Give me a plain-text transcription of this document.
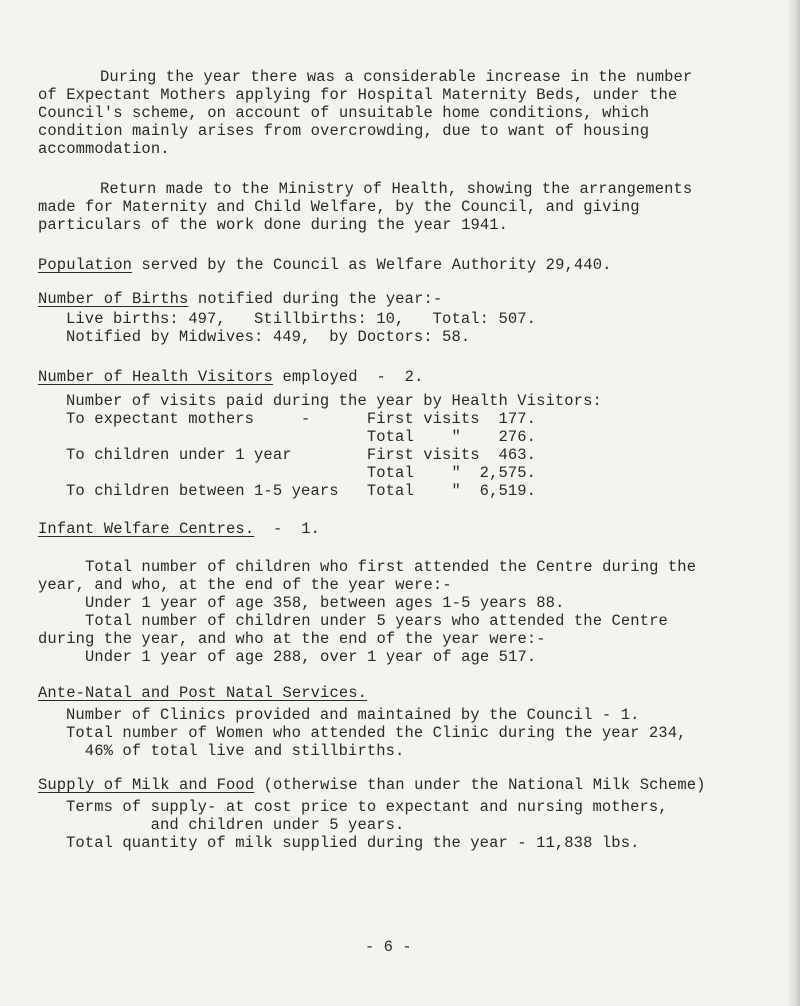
During the year there was a considerable increase in the number
of Expectant Mothers applying for Hospital Maternity Beds, under the
Council's scheme, on account of unsuitable home conditions, which
condition mainly arises from overcrowding, due to want of housing
accommodation.
Return made to the Ministry of Health, showing the arrangements
made for Maternity and Child Welfare, by the Council, and giving
particulars of the work done during the year 1941.
Population served by the Council as Welfare Authority 29,440.
Number of Births notified during the year:-
Live births: 497,   Stillbirths: 10,   Total: 507.
Notified by Midwives: 449,  by Doctors: 58.
Number of Health Visitors employed  -  2.
Number of visits paid during the year by Health Visitors:
To expectant mothers     -      First visits  177.
Total    "    276.
To children under 1 year        First visits  463.
Total    "  2,575.
To children between 1-5 years   Total    "  6,519.
Infant Welfare Centres.  -  1.
Total number of children who first attended the Centre during the
year, and who, at the end of the year were:-
Under 1 year of age 358, between ages 1-5 years 88.
Total number of children under 5 years who attended the Centre
during the year, and who at the end of the year were:-
Under 1 year of age 288, over 1 year of age 517.
Ante-Natal and Post Natal Services.
Number of Clinics provided and maintained by the Council - 1.
Total number of Women who attended the Clinic during the year 234,
46% of total live and stillbirths.
Supply of Milk and Food (otherwise than under the National Milk Scheme)
Terms of supply- at cost price to expectant and nursing mothers,
and children under 5 years.
Total quantity of milk supplied during the year - 11,838 lbs.
- 6 -
